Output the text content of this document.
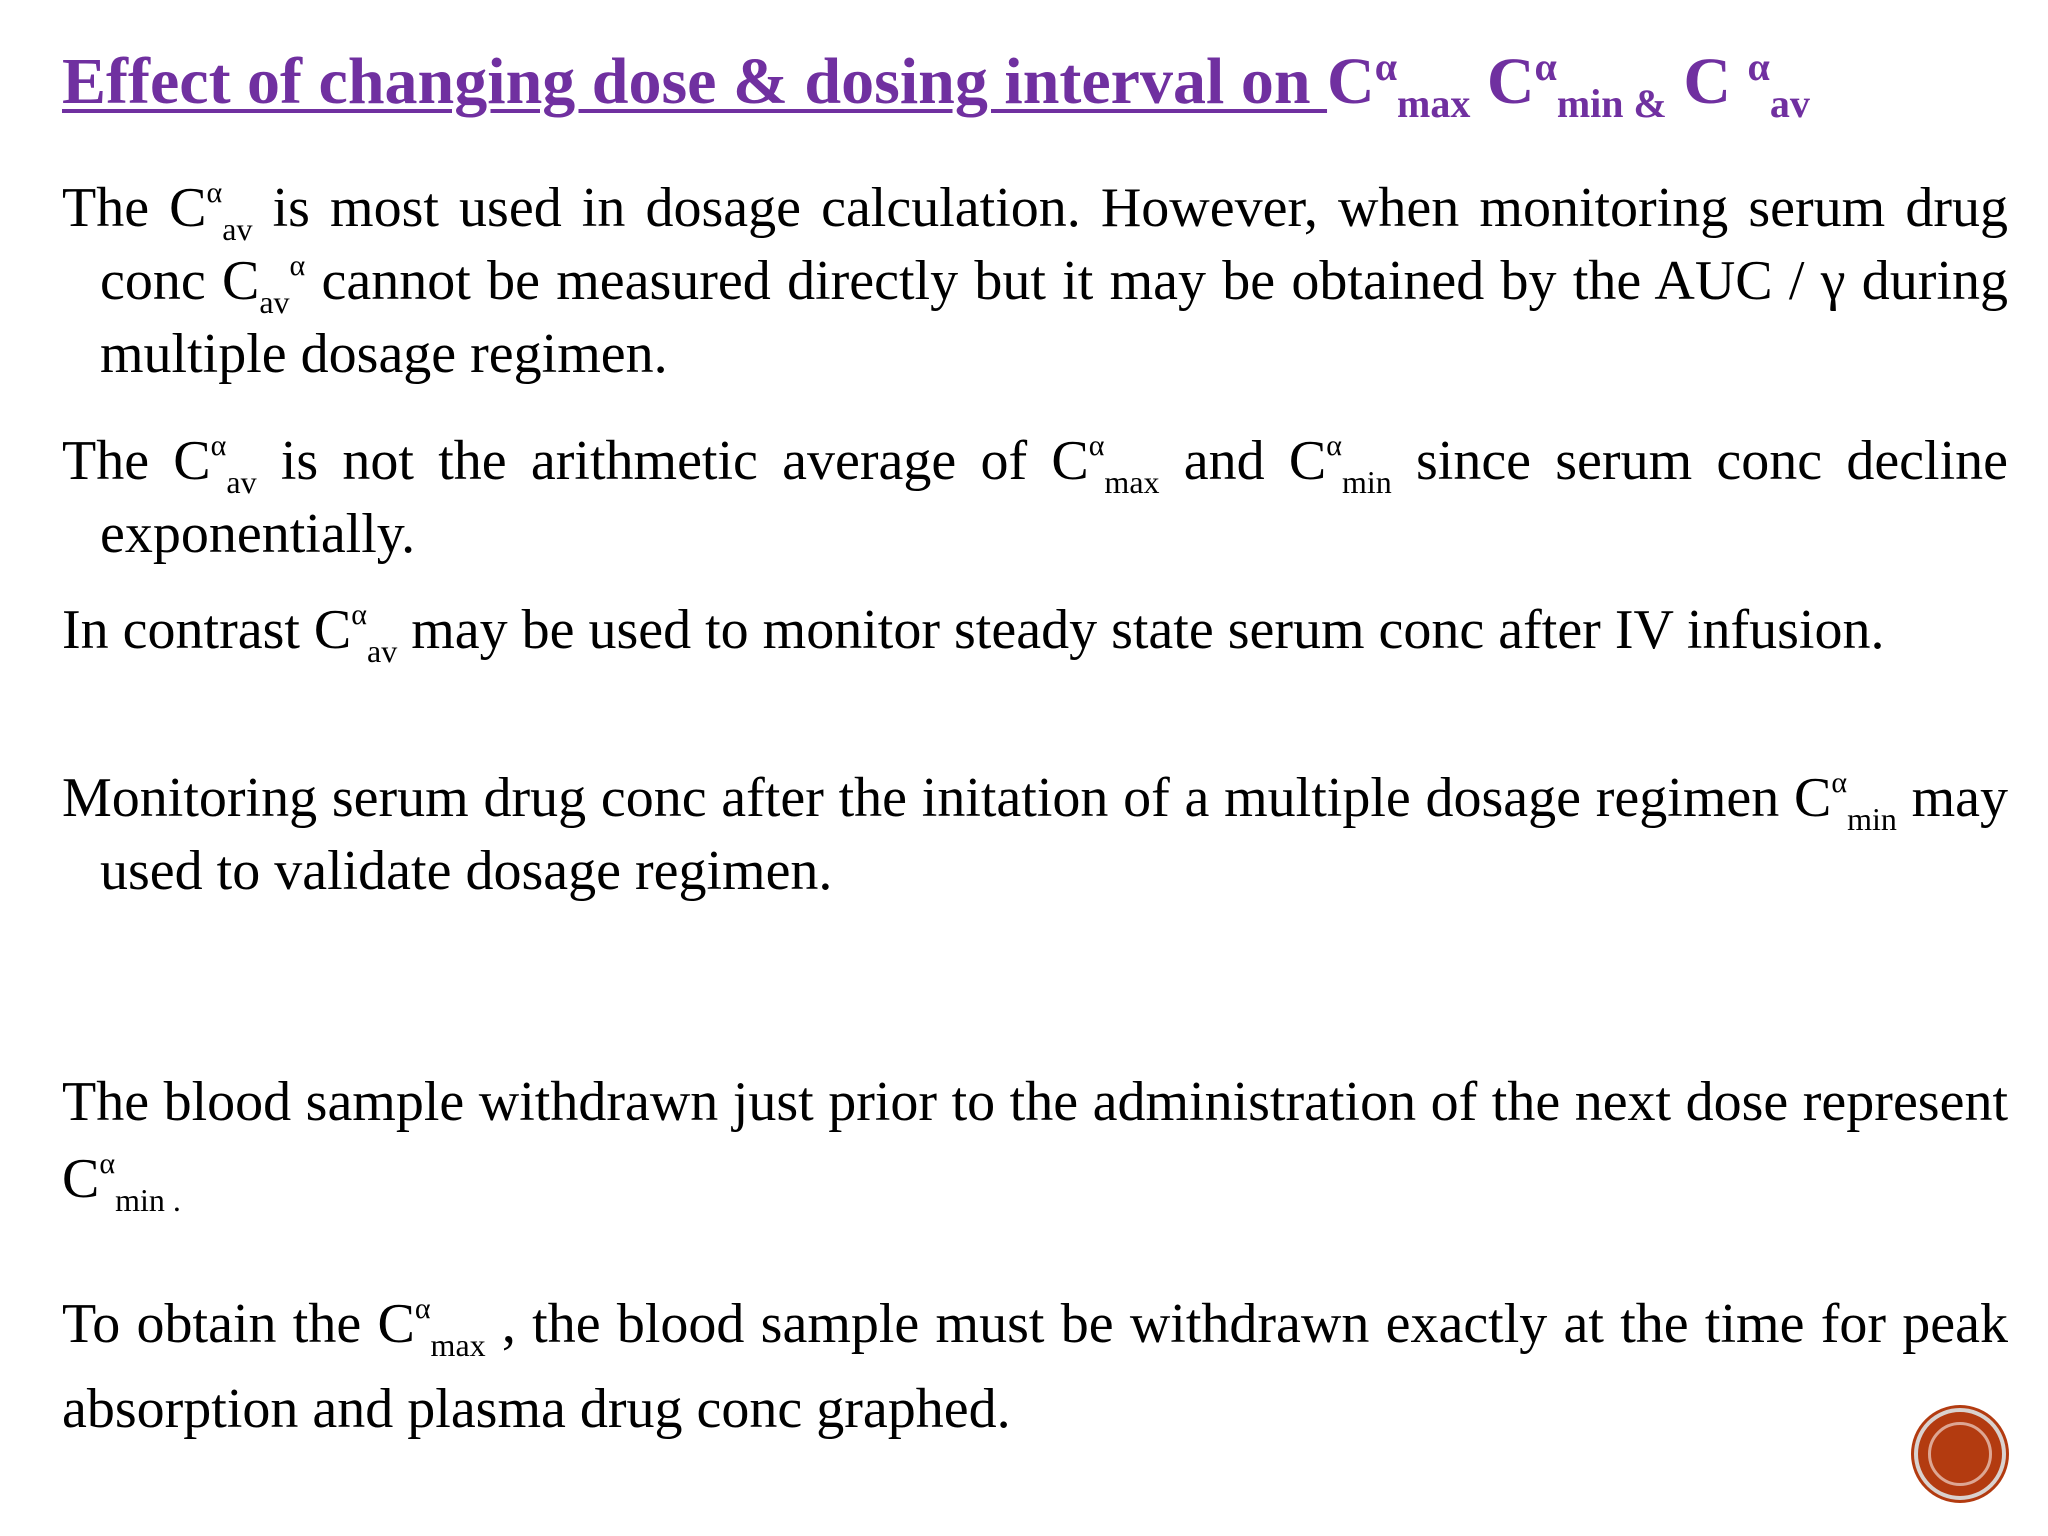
Effect of changing dose & dosing interval on $C^\alpha_{max}$ $C^\alpha_{min \&}$ C $^\alpha_{av}$

The $C^\alpha_{av}$ is most used in dosage calculation. However, when monitoring serum drug conc $C_{av}^\alpha$ cannot be measured directly but it may be obtained by the AUC / γ during multiple dosage regimen.

The $C^\alpha_{av}$ is not the arithmetic average of $C^\alpha_{max}$ and $C^\alpha_{min}$ since serum conc decline exponentially.

In contrast $C^\alpha_{av}$ may be used to monitor steady state serum conc after IV infusion.

Monitoring serum drug conc after the initation of a multiple dosage regimen $C^\alpha_{min}$ may used to validate dosage regimen.

The blood sample withdrawn just prior to the administration of the next dose represent $C^\alpha_{min .}$

To obtain the $C^\alpha_{max}$ , the blood sample must be withdrawn exactly at the time for peak absorption and plasma drug conc graphed.
